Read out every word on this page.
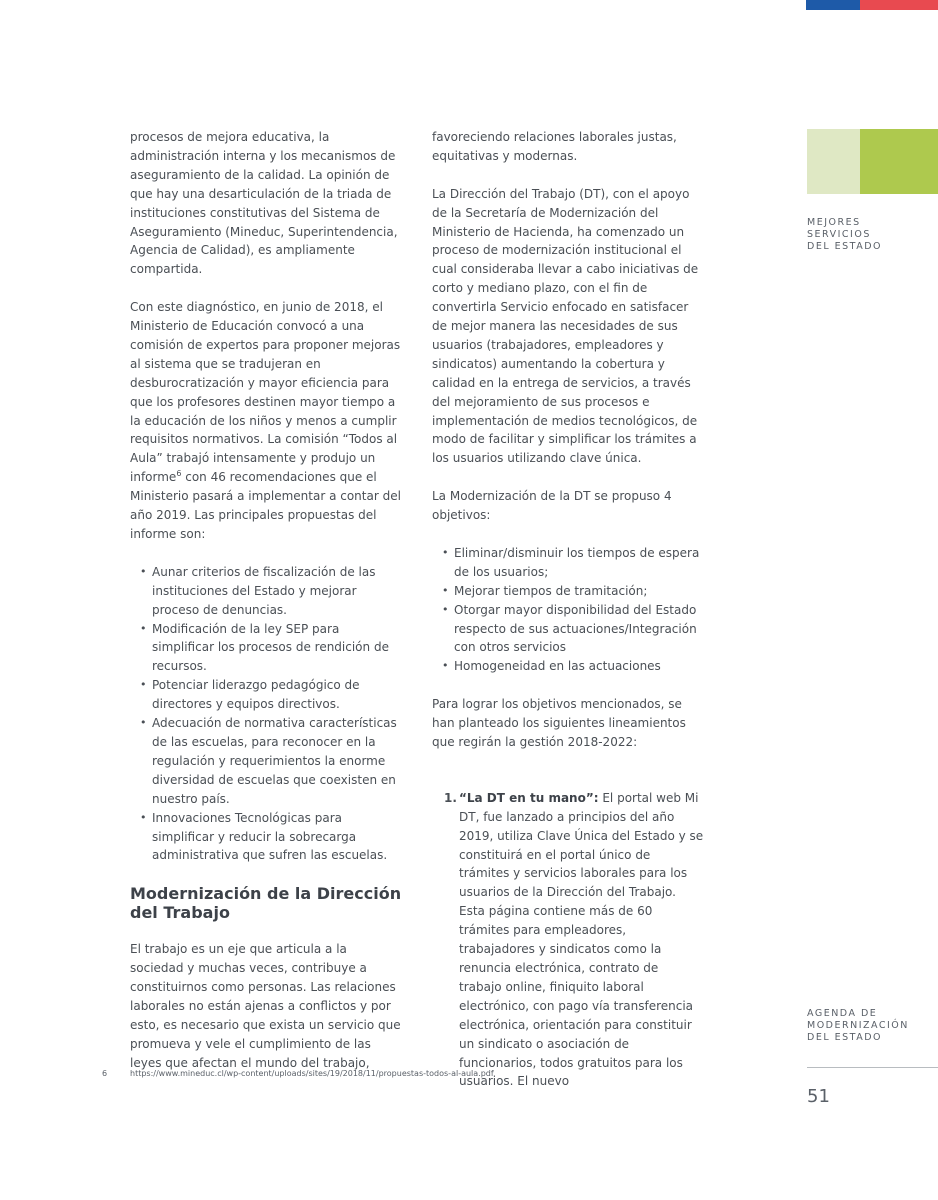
MEJORES
SERVICIOS
DEL ESTADO

procesos de mejora educativa, la administración interna y los mecanismos de aseguramiento de la calidad. La opinión de que hay una desarticulación de la triada de instituciones constitutivas del Sistema de Aseguramiento (Mineduc, Superintendencia, Agencia de Calidad), es ampliamente compartida.

Con este diagnóstico, en junio de 2018, el Ministerio de Educación convocó a una comisión de expertos para proponer mejoras al sistema que se tradujeran en desburocratización y mayor eficiencia para que los profesores destinen mayor tiempo a la educación de los niños y menos a cumplir requisitos normativos. La comisión “Todos al Aula” trabajó intensamente y produjo un informe$^6$ con 46 recomendaciones que el Ministerio pasará a implementar a contar del año 2019. Las principales propuestas del informe son:

• Aunar criterios de fiscalización de las instituciones del Estado y mejorar proceso de denuncias.
• Modificación de la ley SEP para simplificar los procesos de rendición de recursos.
• Potenciar liderazgo pedagógico de directores y equipos directivos.
• Adecuación de normativa características de las escuelas, para reconocer en la regulación y requerimientos la enorme diversidad de escuelas que coexisten en nuestro país.
• Innovaciones Tecnológicas para simplificar y reducir la sobrecarga administrativa que sufren las escuelas.
Modernización de la Dirección del Trabajo

El trabajo es un eje que articula a la sociedad y muchas veces, contribuye a constituirnos como personas. Las relaciones laborales no están ajenas a conflictos y por esto, es necesario que exista un servicio que promueva y vele el cumplimiento de las leyes que afectan el mundo del trabajo,

favoreciendo relaciones laborales justas, equitativas y modernas.

La Dirección del Trabajo (DT), con el apoyo de la Secretaría de Modernización del Ministerio de Hacienda, ha comenzado un proceso de modernización institucional el cual consideraba llevar a cabo iniciativas de corto y mediano plazo, con el fin de convertirla Servicio enfocado en satisfacer de mejor manera las necesidades de sus usuarios (trabajadores, empleadores y sindicatos) aumentando la cobertura y calidad en la entrega de servicios, a través del mejoramiento de sus procesos e implementación de medios tecnológicos, de modo de facilitar y simplificar los trámites a los usuarios utilizando clave única.

La Modernización de la DT se propuso 4 objetivos:

• Eliminar/disminuir los tiempos de espera de los usuarios;
• Mejorar tiempos de tramitación;
• Otorgar mayor disponibilidad del Estado respecto de sus actuaciones/Integración con otros servicios
• Homogeneidad en las actuaciones

Para lograr los objetivos mencionados, se han planteado los siguientes lineamientos que regirán la gestión 2018-2022:

1. “La DT en tu mano”: El portal web Mi DT, fue lanzado a principios del año 2019, utiliza Clave Única del Estado y se constituirá en el portal único de trámites y servicios laborales para los usuarios de la Dirección del Trabajo. Esta página contiene más de 60 trámites para empleadores, trabajadores y sindicatos como la renuncia electrónica, contrato de trabajo online, finiquito laboral electrónico, con pago vía transferencia electrónica, orientación para constituir un sindicato o asociación de funcionarios, todos gratuitos para los usuarios. El nuevo
AGENDA DE
MODERNIZACIÓN
DEL ESTADO
6	https://www.mineduc.cl/wp-content/uploads/sites/19/2018/11/propuestas-todos-al-aula.pdf
51
